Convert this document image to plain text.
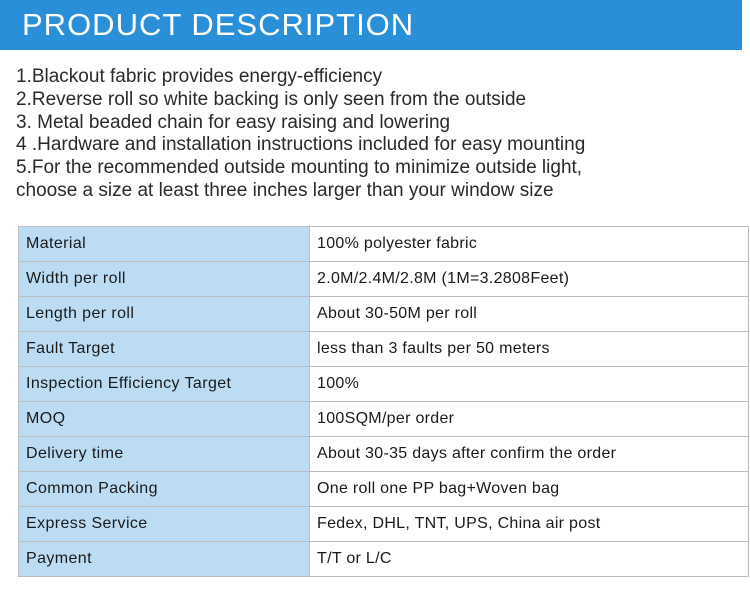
PRODUCT DESCRIPTION
1.Blackout fabric provides energy-efficiency
2.Reverse roll so white backing is only seen from the outside
3. Metal beaded chain for easy raising and lowering
4 .Hardware and installation instructions included for easy mounting
5.For the recommended outside mounting to minimize outside light,
choose a size at least three inches larger than your window size
Material	100% polyester fabric
Width per roll	2.0M/2.4M/2.8M (1M=3.2808Feet)
Length per roll	About 30-50M per roll
Fault Target	less than 3 faults per 50 meters
Inspection Efficiency Target	100%
MOQ	100SQM/per order
Delivery time	About 30-35 days after confirm the order
Common Packing	One roll one PP bag+Woven bag
Express Service	Fedex, DHL, TNT, UPS, China air post
Payment	T/T or L/C
